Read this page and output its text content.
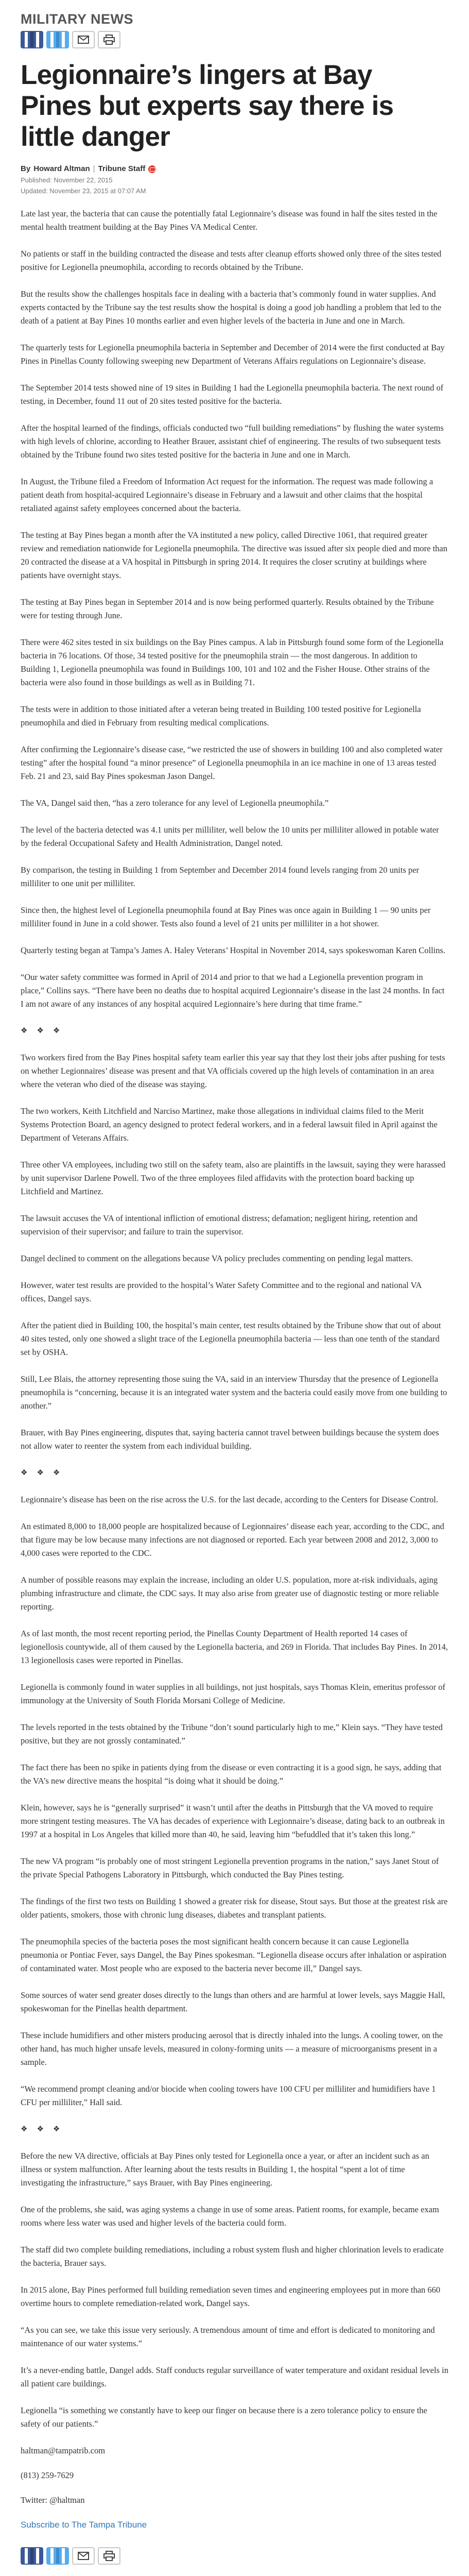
MILITARY NEWS
Legionnaire’s lingers at Bay Pines but experts say there is little danger
By Howard Altman | Tribune Staff
Published: November 22, 2015
Updated: November 23, 2015 at 07:07 AM

Late last year, the bacteria that can cause the potentially fatal Legionnaire’s disease was found in half the sites tested in the mental health treatment building at the Bay Pines VA Medical Center.

No patients or staff in the building contracted the disease and tests after cleanup efforts showed only three of the sites tested positive for Legionella pneumophila, according to records obtained by the Tribune.

But the results show the challenges hospitals face in dealing with a bacteria that’s commonly found in water supplies. And experts contacted by the Tribune say the test results show the hospital is doing a good job handling a problem that led to the death of a patient at Bay Pines 10 months earlier and even higher levels of the bacteria in June and one in March.

The quarterly tests for Legionella pneumophila bacteria in September and December of 2014 were the first conducted at Bay Pines in Pinellas County following sweeping new Department of Veterans Affairs regulations on Legionnaire’s disease.

The September 2014 tests showed nine of 19 sites in Building 1 had the Legionella pneumophila bacteria. The next round of testing, in December, found 11 out of 20 sites tested positive for the bacteria.

After the hospital learned of the findings, officials conducted two “full building remediations” by flushing the water systems with high levels of chlorine, according to Heather Brauer, assistant chief of engineering. The results of two subsequent tests obtained by the Tribune found two sites tested positive for the bacteria in June and one in March.

In August, the Tribune filed a Freedom of Information Act request for the information. The request was made following a patient death from hospital-acquired Legionnaire’s disease in February and a lawsuit and other claims that the hospital retaliated against safety employees concerned about the bacteria.

The testing at Bay Pines began a month after the VA instituted a new policy, called Directive 1061, that required greater review and remediation nationwide for Legionella pneumophila. The directive was issued after six people died and more than 20 contracted the disease at a VA hospital in Pittsburgh in spring 2014. It requires the closer scrutiny at buildings where patients have overnight stays.

The testing at Bay Pines began in September 2014 and is now being performed quarterly. Results obtained by the Tribune were for testing through June.

There were 462 sites tested in six buildings on the Bay Pines campus. A lab in Pittsburgh found some form of the Legionella bacteria in 76 locations. Of those, 34 tested positive for the pneumophila strain — the most dangerous. In addition to Building 1, Legionella pneumophila was found in Buildings 100, 101 and 102 and the Fisher House. Other strains of the bacteria were also found in those buildings as well as in Building 71.

The tests were in addition to those initiated after a veteran being treated in Building 100 tested positive for Legionella pneumophila and died in February from resulting medical complications.

After confirming the Legionnaire’s disease case, “we restricted the use of showers in building 100 and also completed water testing” after the hospital found “a minor presence” of Legionella pneumophila in an ice machine in one of 13 areas tested Feb. 21 and 23, said Bay Pines spokesman Jason Dangel.

The VA, Dangel said then, “has a zero tolerance for any level of Legionella pneumophila.”

The level of the bacteria detected was 4.1 units per milliliter, well below the 10 units per milliliter allowed in potable water by the federal Occupational Safety and Health Administration, Dangel noted.

By comparison, the testing in Building 1 from September and December 2014 found levels ranging from 20 units per milliliter to one unit per milliliter.

Since then, the highest level of Legionella pneumophila found at Bay Pines was once again in Building 1 — 90 units per milliliter found in June in a cold shower. Tests also found a level of 21 units per milliliter in a hot shower.

Quarterly testing began at Tampa’s James A. Haley Veterans’ Hospital in November 2014, says spokeswoman Karen Collins.

“Our water safety committee was formed in April of 2014 and prior to that we had a Legionella prevention program in place,” Collins says. “There have been no deaths due to hospital acquired Legionnaire’s disease in the last 24 months. In fact I am not aware of any instances of any hospital acquired Legionnaire’s here during that time frame.”

❖❖❖

Two workers fired from the Bay Pines hospital safety team earlier this year say that they lost their jobs after pushing for tests on whether Legionnaires’ disease was present and that VA officials covered up the high levels of contamination in an area where the veteran who died of the disease was staying.

The two workers, Keith Litchfield and Narciso Martinez, make those allegations in individual claims filed to the Merit Systems Protection Board, an agency designed to protect federal workers, and in a federal lawsuit filed in April against the Department of Veterans Affairs.

Three other VA employees, including two still on the safety team, also are plaintiffs in the lawsuit, saying they were harassed by unit supervisor Darlene Powell. Two of the three employees filed affidavits with the protection board backing up Litchfield and Martinez.

The lawsuit accuses the VA of intentional infliction of emotional distress; defamation; negligent hiring, retention and supervision of their supervisor; and failure to train the supervisor.

Dangel declined to comment on the allegations because VA policy precludes commenting on pending legal matters.

However, water test results are provided to the hospital’s Water Safety Committee and to the regional and national VA offices, Dangel says.

After the patient died in Building 100, the hospital’s main center, test results obtained by the Tribune show that out of about 40 sites tested, only one showed a slight trace of the Legionella pneumophila bacteria — less than one tenth of the standard set by OSHA.

Still, Lee Blais, the attorney representing those suing the VA, said in an interview Thursday that the presence of Legionella pneumophila is “concerning, because it is an integrated water system and the bacteria could easily move from one building to another.”

Brauer, with Bay Pines engineering, disputes that, saying bacteria cannot travel between buildings because the system does not allow water to reenter the system from each individual building.

❖❖❖

Legionnaire’s disease has been on the rise across the U.S. for the last decade, according to the Centers for Disease Control.

An estimated 8,000 to 18,000 people are hospitalized because of Legionnaires’ disease each year, according to the CDC, and that figure may be low because many infections are not diagnosed or reported. Each year between 2008 and 2012, 3,000 to 4,000 cases were reported to the CDC.

A number of possible reasons may explain the increase, including an older U.S. population, more at-risk individuals, aging plumbing infrastructure and climate, the CDC says. It may also arise from greater use of diagnostic testing or more reliable reporting.

As of last month, the most recent reporting period, the Pinellas County Department of Health reported 14 cases of legionellosis countywide, all of them caused by the Legionella bacteria, and 269 in Florida. That includes Bay Pines. In 2014, 13 legionellosis cases were reported in Pinellas.

Legionella is commonly found in water supplies in all buildings, not just hospitals, says Thomas Klein, emeritus professor of immunology at the University of South Florida Morsani College of Medicine.

The levels reported in the tests obtained by the Tribune “don’t sound particularly high to me,” Klein says. “They have tested positive, but they are not grossly contaminated.”

The fact there has been no spike in patients dying from the disease or even contracting it is a good sign, he says, adding that the VA’s new directive means the hospital “is doing what it should be doing.”

Klein, however, says he is “generally surprised” it wasn’t until after the deaths in Pittsburgh that the VA moved to require more stringent testing measures. The VA has decades of experience with Legionnaire’s disease, dating back to an outbreak in 1997 at a hospital in Los Angeles that killed more than 40, he said, leaving him “befuddled that it’s taken this long.”

The new VA program “is probably one of most stringent Legionella prevention programs in the nation,” says Janet Stout of the private Special Pathogens Laboratory in Pittsburgh, which conducted the Bay Pines testing.

The findings of the first two tests on Building 1 showed a greater risk for disease, Stout says. But those at the greatest risk are older patients, smokers, those with chronic lung diseases, diabetes and transplant patients.

The pneumophila species of the bacteria poses the most significant health concern because it can cause Legionella pneumonia or Pontiac Fever, says Dangel, the Bay Pines spokesman. “Legionella disease occurs after inhalation or aspiration of contaminated water. Most people who are exposed to the bacteria never become ill,” Dangel says.

Some sources of water send greater doses directly to the lungs than others and are harmful at lower levels, says Maggie Hall, spokeswoman for the Pinellas health department.

These include humidifiers and other misters producing aerosol that is directly inhaled into the lungs. A cooling tower, on the other hand, has much higher unsafe levels, measured in colony-forming units — a measure of microorganisms present in a sample.

“We recommend prompt cleaning and/or biocide when cooling towers have 100 CFU per milliliter and humidifiers have 1 CFU per milliliter,” Hall said.

❖❖❖

Before the new VA directive, officials at Bay Pines only tested for Legionella once a year, or after an incident such as an illness or system malfunction. After learning about the tests results in Building 1, the hospital “spent a lot of time investigating the infrastructure,” says Brauer, with Bay Pines engineering.

One of the problems, she said, was aging systems a change in use of some areas. Patient rooms, for example, became exam rooms where less water was used and higher levels of the bacteria could form.

The staff did two complete building remediations, including a robust system flush and higher chlorination levels to eradicate the bacteria, Brauer says.

In 2015 alone, Bay Pines performed full building remediation seven times and engineering employees put in more than 660 overtime hours to complete remediation-related work, Dangel says.

“As you can see, we take this issue very seriously. A tremendous amount of time and effort is dedicated to monitoring and maintenance of our water systems.”

It’s a never-ending battle, Dangel adds. Staff conducts regular surveillance of water temperature and oxidant residual levels in all patient care buildings.

Legionella “is something we constantly have to keep our finger on because there is a zero tolerance policy to ensure the safety of our patients.”

haltman@tampatrib.com

(813) 259-7629

Twitter: @haltman

Subscribe to The Tampa Tribune
